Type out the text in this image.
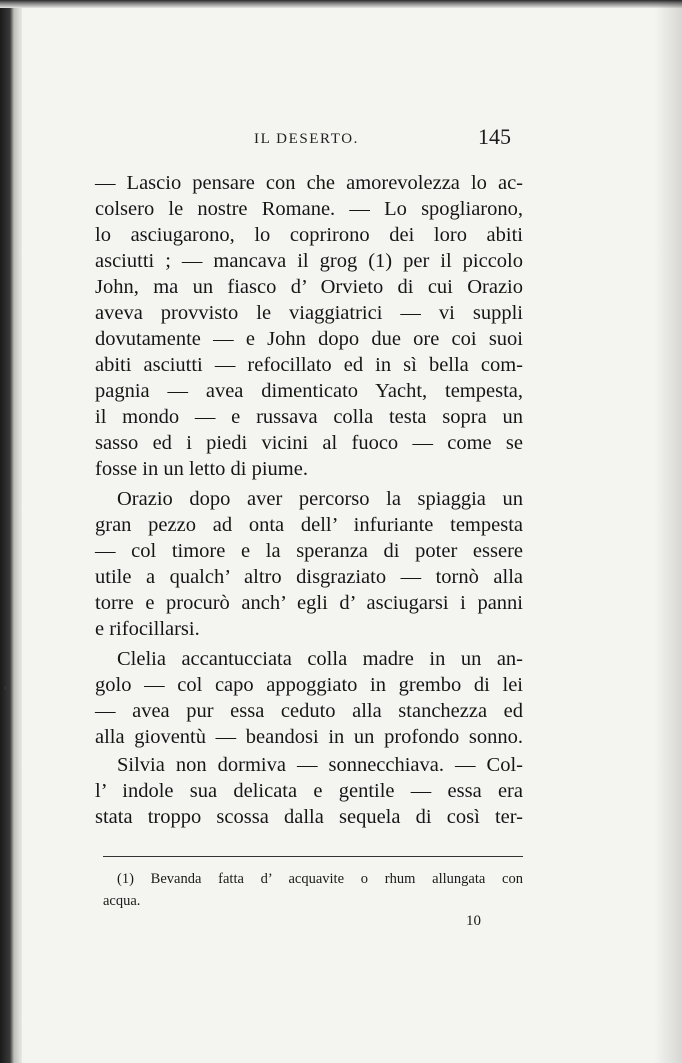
IL DESERTO.	145
— Lascio pensare con che amorevolezza lo ac-
colsero le nostre Romane. — Lo spogliarono,
lo asciugarono, lo coprirono dei loro abiti
asciutti ; — mancava il grog (1) per il piccolo
John, ma un fiasco d’ Orvieto di cui Orazio
aveva provvisto le viaggiatrici — vi suppli
dovutamente — e John dopo due ore coi suoi
abiti asciutti — refocillato ed in sì bella com-
pagnia — avea dimenticato Yacht, tempesta,
il mondo — e russava colla testa sopra un
sasso ed i piedi vicini al fuoco — come se
fosse in un letto di piume.
Orazio dopo aver percorso la spiaggia un
gran pezzo ad onta dell’ infuriante tempesta
— col timore e la speranza di poter essere
utile a qualch’ altro disgraziato — tornò alla
torre e procurò anch’ egli d’ asciugarsi i panni
e rifocillarsi.
Clelia accantucciata colla madre in un an-
golo — col capo appoggiato in grembo di lei
— avea pur essa ceduto alla stanchezza ed
alla gioventù — beandosi in un profondo sonno.
Silvia non dormiva — sonnecchiava. — Col-
l’ indole sua delicata e gentile — essa era
stata troppo scossa dalla sequela di così ter-
(1) Bevanda fatta d’ acquavite o rhum allungata con
acqua.
10
